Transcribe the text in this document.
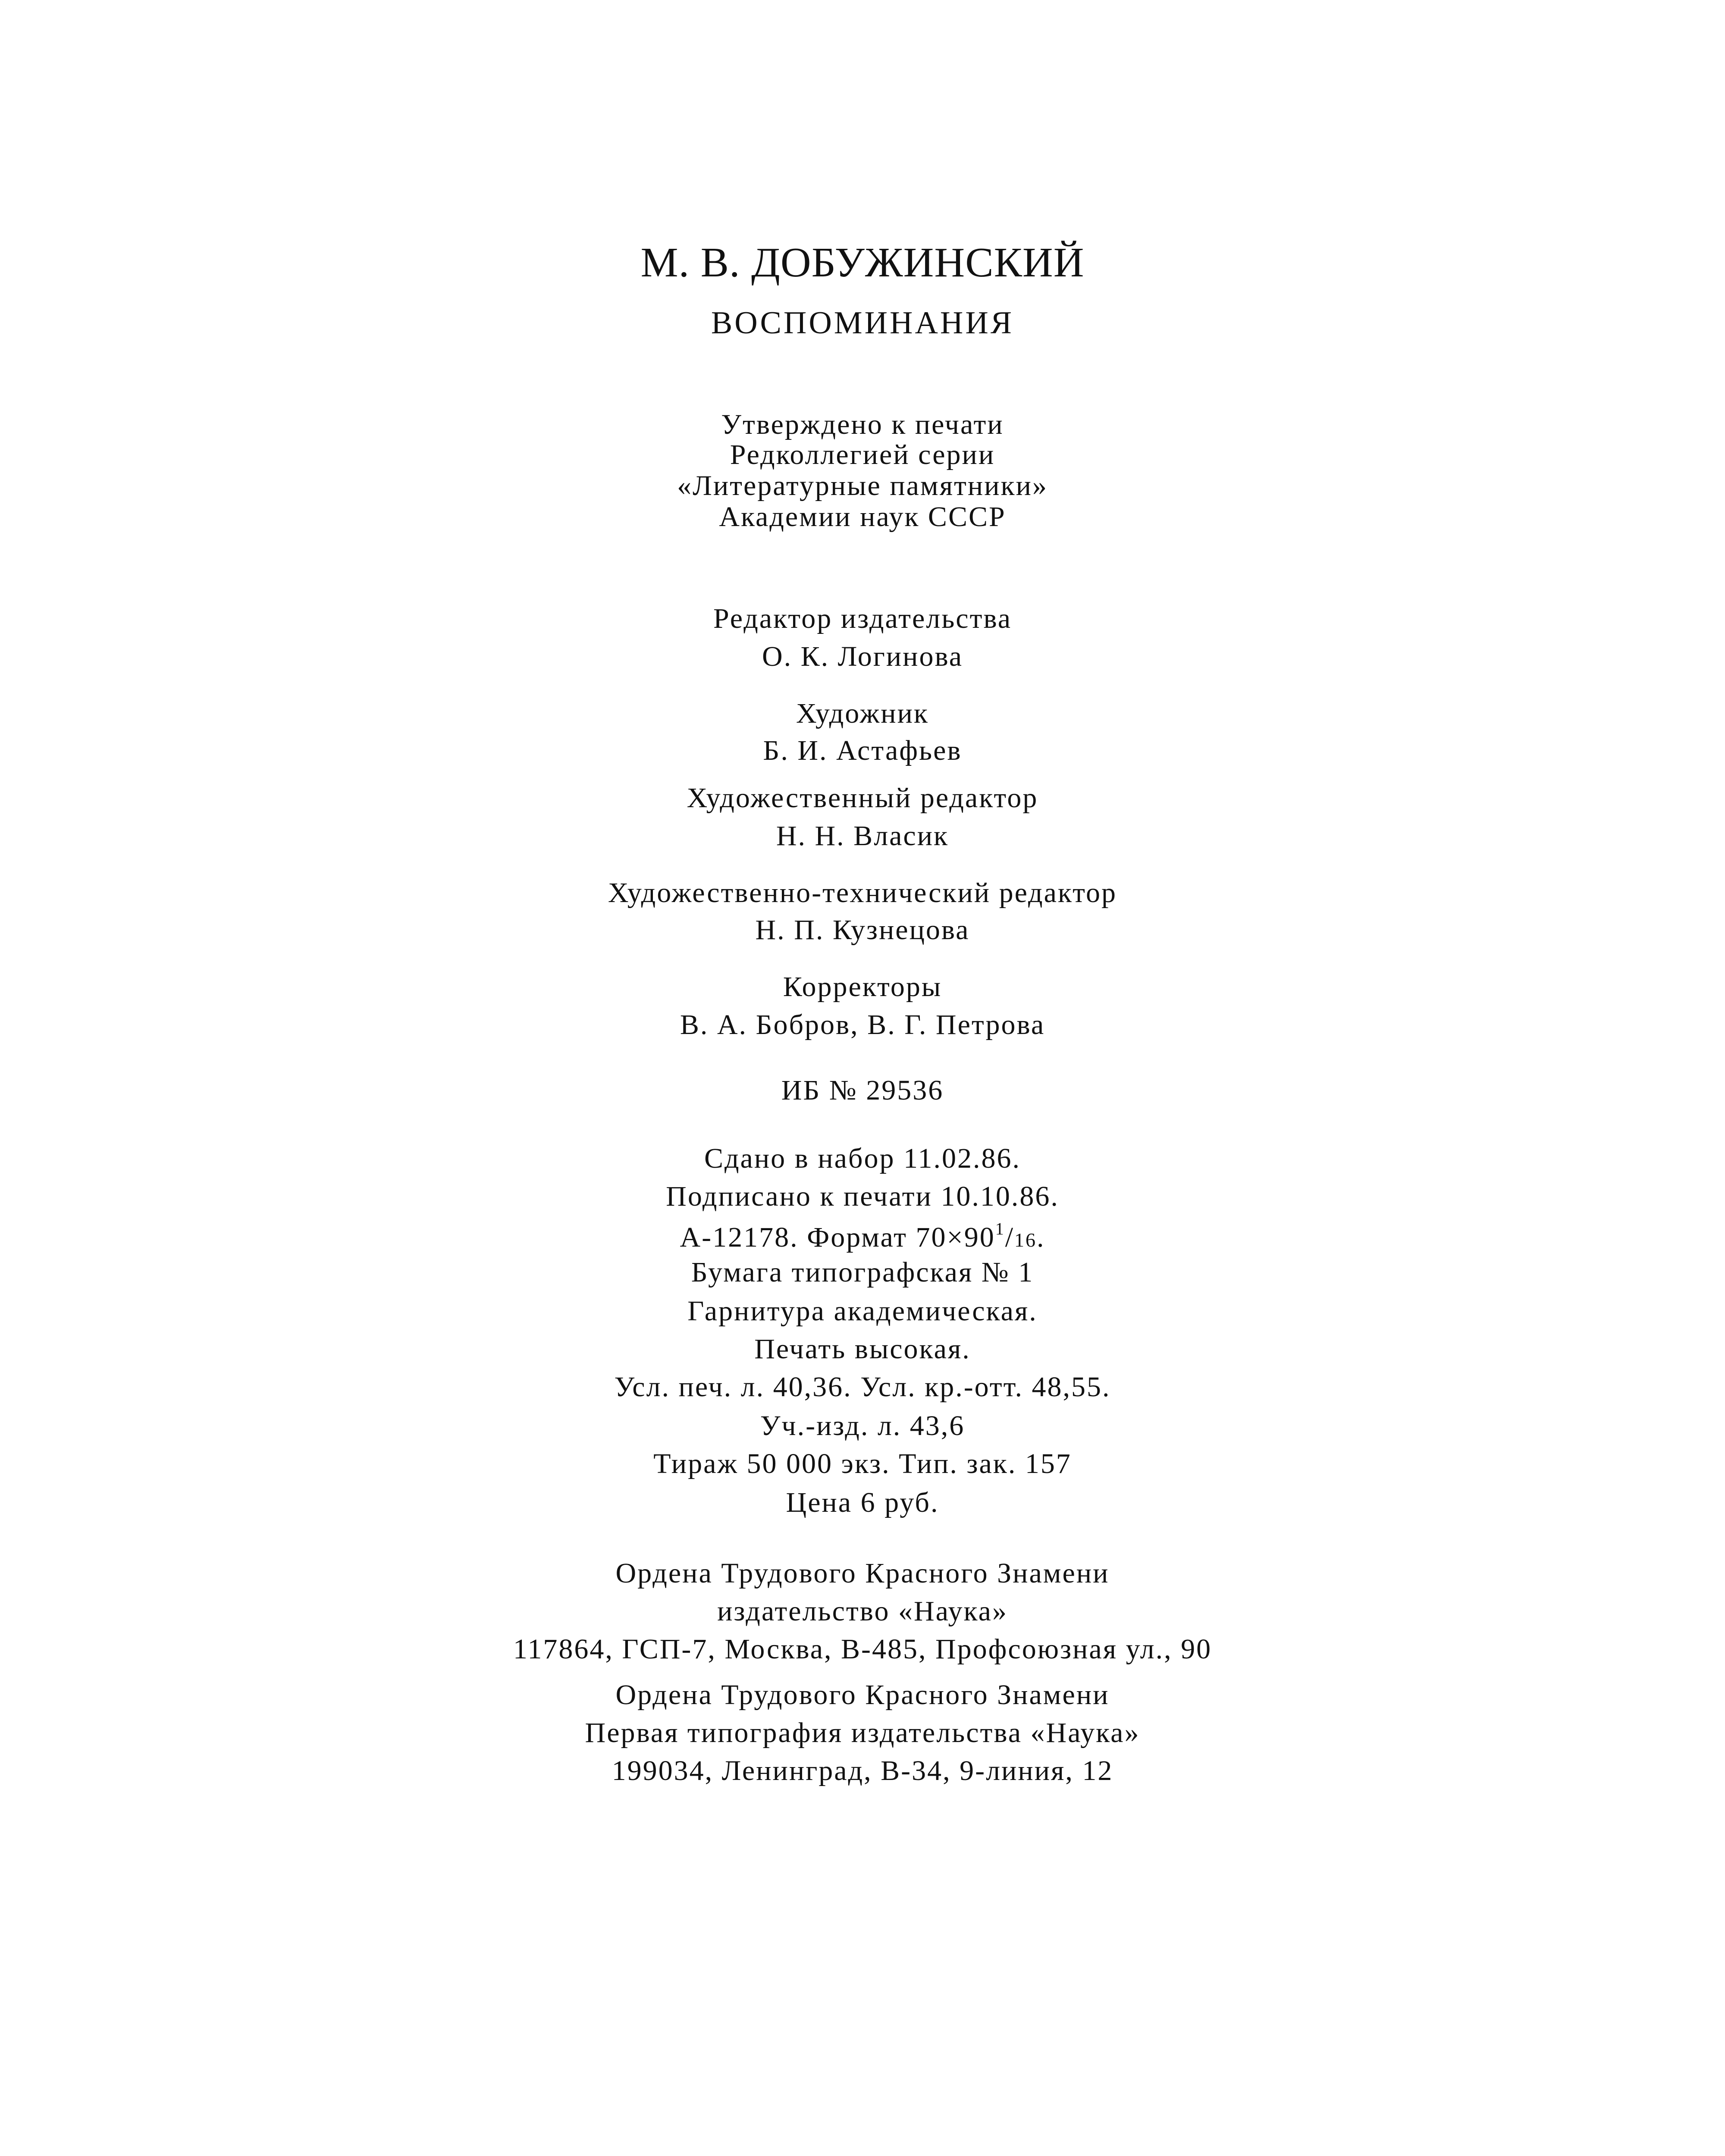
М. В. ДОБУЖИНСКИЙ
ВОСПОМИНАНИЯ
Утверждено к печати
Редколлегией серии
«Литературные памятники»
Академии наук СССР
Редактор издательства
О. К. Логинова
Художник
Б. И. Астафьев
Художественный редактор
Н. Н. Власик
Художественно-технический редактор
Н. П. Кузнецова
Корректоры
В. А. Бобров, В. Г. Петрова
ИБ № 29536
Сдано в набор 11.02.86.
Подписано к печати 10.10.86.
А-12178. Формат $70\times 90^1/16$.
Бумага типографская № 1
Гарнитура академическая.
Печать высокая.
Усл. печ. л. 40,36. Усл. кр.-отт. 48,55.
Уч.-изд. л. 43,6
Тираж 50 000 экз. Тип. зак. 157
Цена 6 руб.
Ордена Трудового Красного Знамени
издательство «Наука»
117864, ГСП-7, Москва, В-485, Профсоюзная ул., 90
Ордена Трудового Красного Знамени
Первая типография издательства «Наука»
199034, Ленинград, В-34, 9-линия, 12
